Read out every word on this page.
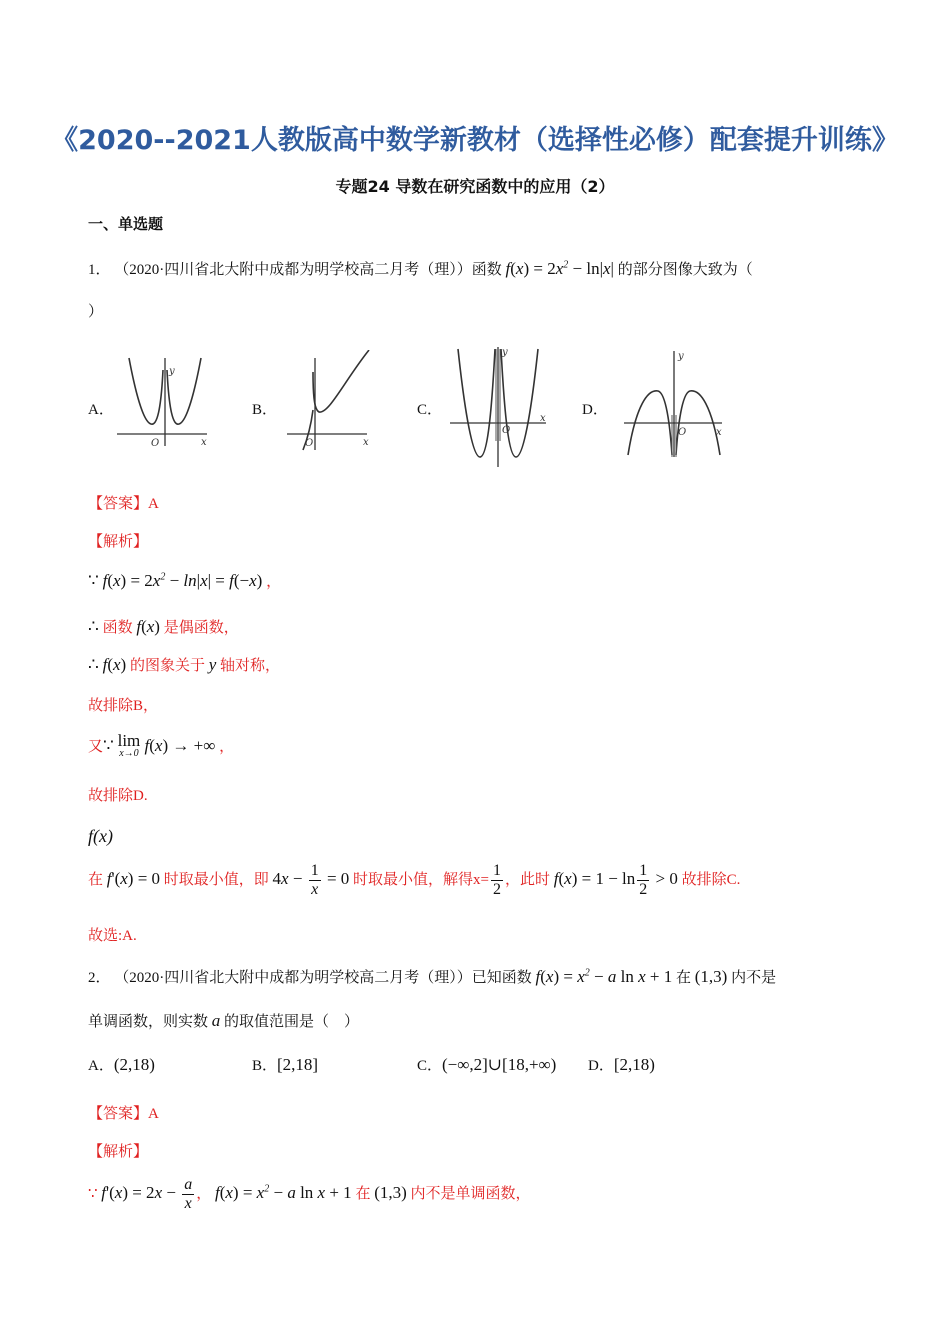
《2020--2021人教版高中数学新教材（选择性必修）配套提升训练》
专题24 导数在研究函数中的应用（2）
一、单选题
1． （2020·四川省北大附中成都为明学校高二月考（理））函数 $f(x) = 2x^2 - \ln|x|$ 的部分图像大致为（
）
A．	B．	C．	D．
O	x
y
O	x
O
x
y
O	x
y
【答案】A
【解析】
∵ $f(x) = 2x^2 - \ln|x| = f(-x)$ ，
∴ 函数 f(x) 是偶函数，
∴ f(x) 的图象关于 y 轴对称，
故排除B，
又∵ lim
x→0 f(x) → +∞ ，
故排除D.
f(x)
在 f'(x) = 0 时取最小值，即 $4x - \frac{1}{x} = 0$ 时取最小值，解得$x= \frac{1}{2}$ ，此时 $f(x) = 1 - \ln \frac{1}{2} > 0$ 故排除C.
故选:A.
2． （2020·四川省北大附中成都为明学校高二月考（理））已知函数 $f(x) = x^2 - a$ ln x + 1 在 (1,3) 内不是
单调函数，则实数 a 的取值范围是（　）
A．(2,18)	B．[2,18]	C．(−∞,2]∪[18,+∞) D．[2,18)
【答案】A
【解析】
∵ $f'(x) = 2x - \frac{a}{x}$ ， $f(x) = x^2 - a$ ln x + 1 在 (1,3) 内不是单调函数，
